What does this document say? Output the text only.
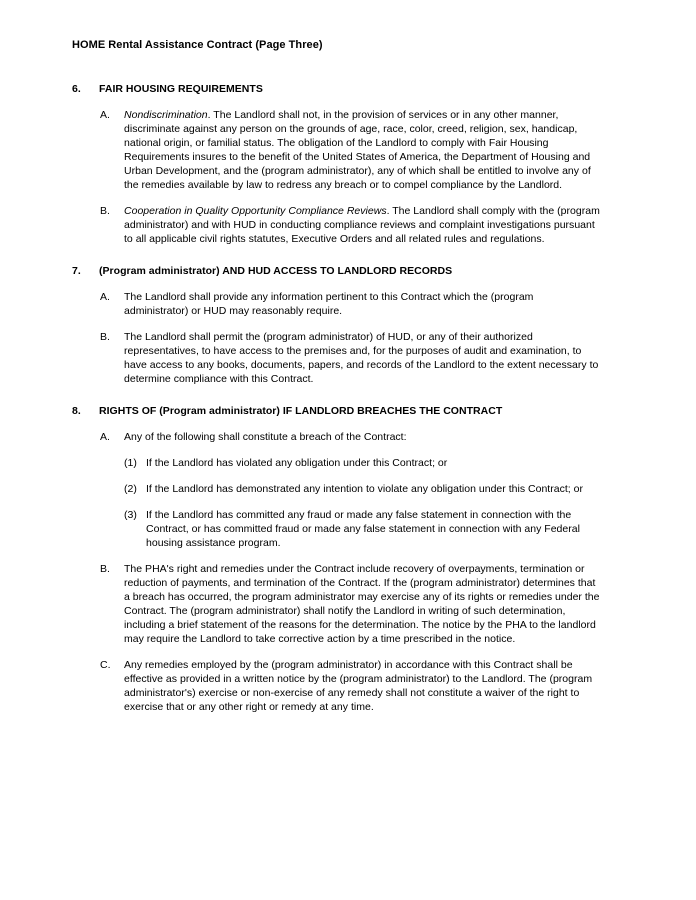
HOME Rental Assistance Contract (Page Three)
6.	FAIR HOUSING REQUIREMENTS
A.	Nondiscrimination. The Landlord shall not, in the provision of services or in any other manner, discriminate against any person on the grounds of age, race, color, creed, religion, sex, handicap, national origin, or familial status. The obligation of the Landlord to comply with Fair Housing Requirements insures to the benefit of the United States of America, the Department of Housing and Urban Development, and the (program administrator), any of which shall be entitled to involve any of the remedies available by law to redress any breach or to compel compliance by the Landlord.
B.	Cooperation in Quality Opportunity Compliance Reviews. The Landlord shall comply with the (program administrator) and with HUD in conducting compliance reviews and complaint investigations pursuant to all applicable civil rights statutes, Executive Orders and all related rules and regulations.
7.	(Program administrator) AND HUD ACCESS TO LANDLORD RECORDS
A.	The Landlord shall provide any information pertinent to this Contract which the (program administrator) or HUD may reasonably require.
B.	The Landlord shall permit the (program administrator) of HUD, or any of their authorized representatives, to have access to the premises and, for the purposes of audit and examination, to have access to any books, documents, papers, and records of the Landlord to the extent necessary to determine compliance with this Contract.
8.	RIGHTS OF (Program administrator) IF LANDLORD BREACHES THE CONTRACT
A.	Any of the following shall constitute a breach of the Contract:
(1) If the Landlord has violated any obligation under this Contract; or
(2) If the Landlord has demonstrated any intention to violate any obligation under this Contract; or
(3) If the Landlord has committed any fraud or made any false statement in connection with the Contract, or has committed fraud or made any false statement in connection with any Federal housing assistance program.
B.	The PHA's right and remedies under the Contract include recovery of overpayments, termination or reduction of payments, and termination of the Contract. If the (program administrator) determines that a breach has occurred, the program administrator may exercise any of its rights or remedies under the Contract. The (program administrator) shall notify the Landlord in writing of such determination, including a brief statement of the reasons for the determination. The notice by the PHA to the landlord may require the Landlord to take corrective action by a time prescribed in the notice.
C.	Any remedies employed by the (program administrator) in accordance with this Contract shall be effective as provided in a written notice by the (program administrator) to the Landlord. The (program administrator's) exercise or non-exercise of any remedy shall not constitute a waiver of the right to exercise that or any other right or remedy at any time.
